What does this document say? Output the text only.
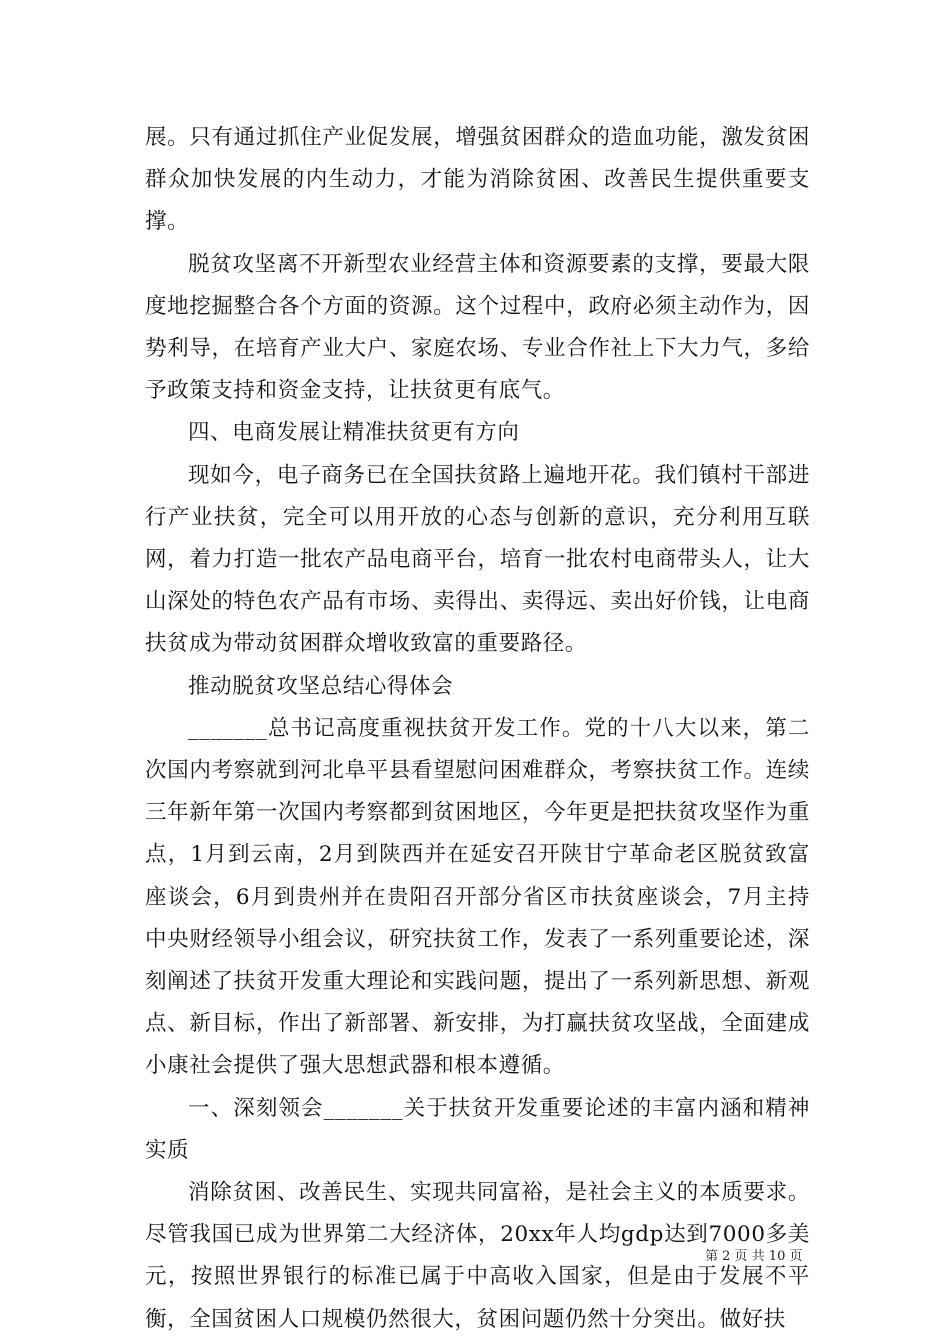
展。只有通过抓住产业促发展，增强贫困群众的造血功能，激发贫困群众加快发展的内生动力，才能为消除贫困、改善民生提供重要支撑。

脱贫攻坚离不开新型农业经营主体和资源要素的支撑，要最大限度地挖掘整合各个方面的资源。这个过程中，政府必须主动作为，因势利导，在培育产业大户、家庭农场、专业合作社上下大力气，多给予政策支持和资金支持，让扶贫更有底气。

四、电商发展让精准扶贫更有方向

现如今，电子商务已在全国扶贫路上遍地开花。我们镇村干部进行产业扶贫，完全可以用开放的心态与创新的意识，充分利用互联网，着力打造一批农产品电商平台，培育一批农村电商带头人，让大山深处的特色农产品有市场、卖得出、卖得远、卖出好价钱，让电商扶贫成为带动贫困群众增收致富的重要路径。

推动脱贫攻坚总结心得体会

_______总书记高度重视扶贫开发工作。党的十八大以来，第二次国内考察就到河北阜平县看望慰问困难群众，考察扶贫工作。连续三年新年第一次国内考察都到贫困地区，今年更是把扶贫攻坚作为重点，1月到云南，2月到陕西并在延安召开陕甘宁革命老区脱贫致富座谈会，6月到贵州并在贵阳召开部分省区市扶贫座谈会，7月主持中央财经领导小组会议，研究扶贫工作，发表了一系列重要论述，深刻阐述了扶贫开发重大理论和实践问题，提出了一系列新思想、新观点、新目标，作出了新部署、新安排，为打赢扶贫攻坚战，全面建成小康社会提供了强大思想武器和根本遵循。

一、深刻领会_______关于扶贫开发重要论述的丰富内涵和精神实质

消除贫困、改善民生、实现共同富裕，是社会主义的本质要求。尽管我国已成为世界第二大经济体，20xx年人均gdp达到7000多美元，按照世界银行的标准已属于中高收入国家，但是由于发展不平衡，全国贫困人口规模仍然很大，贫困问题仍然十分突出。做好扶

第 2 页 共 10 页
